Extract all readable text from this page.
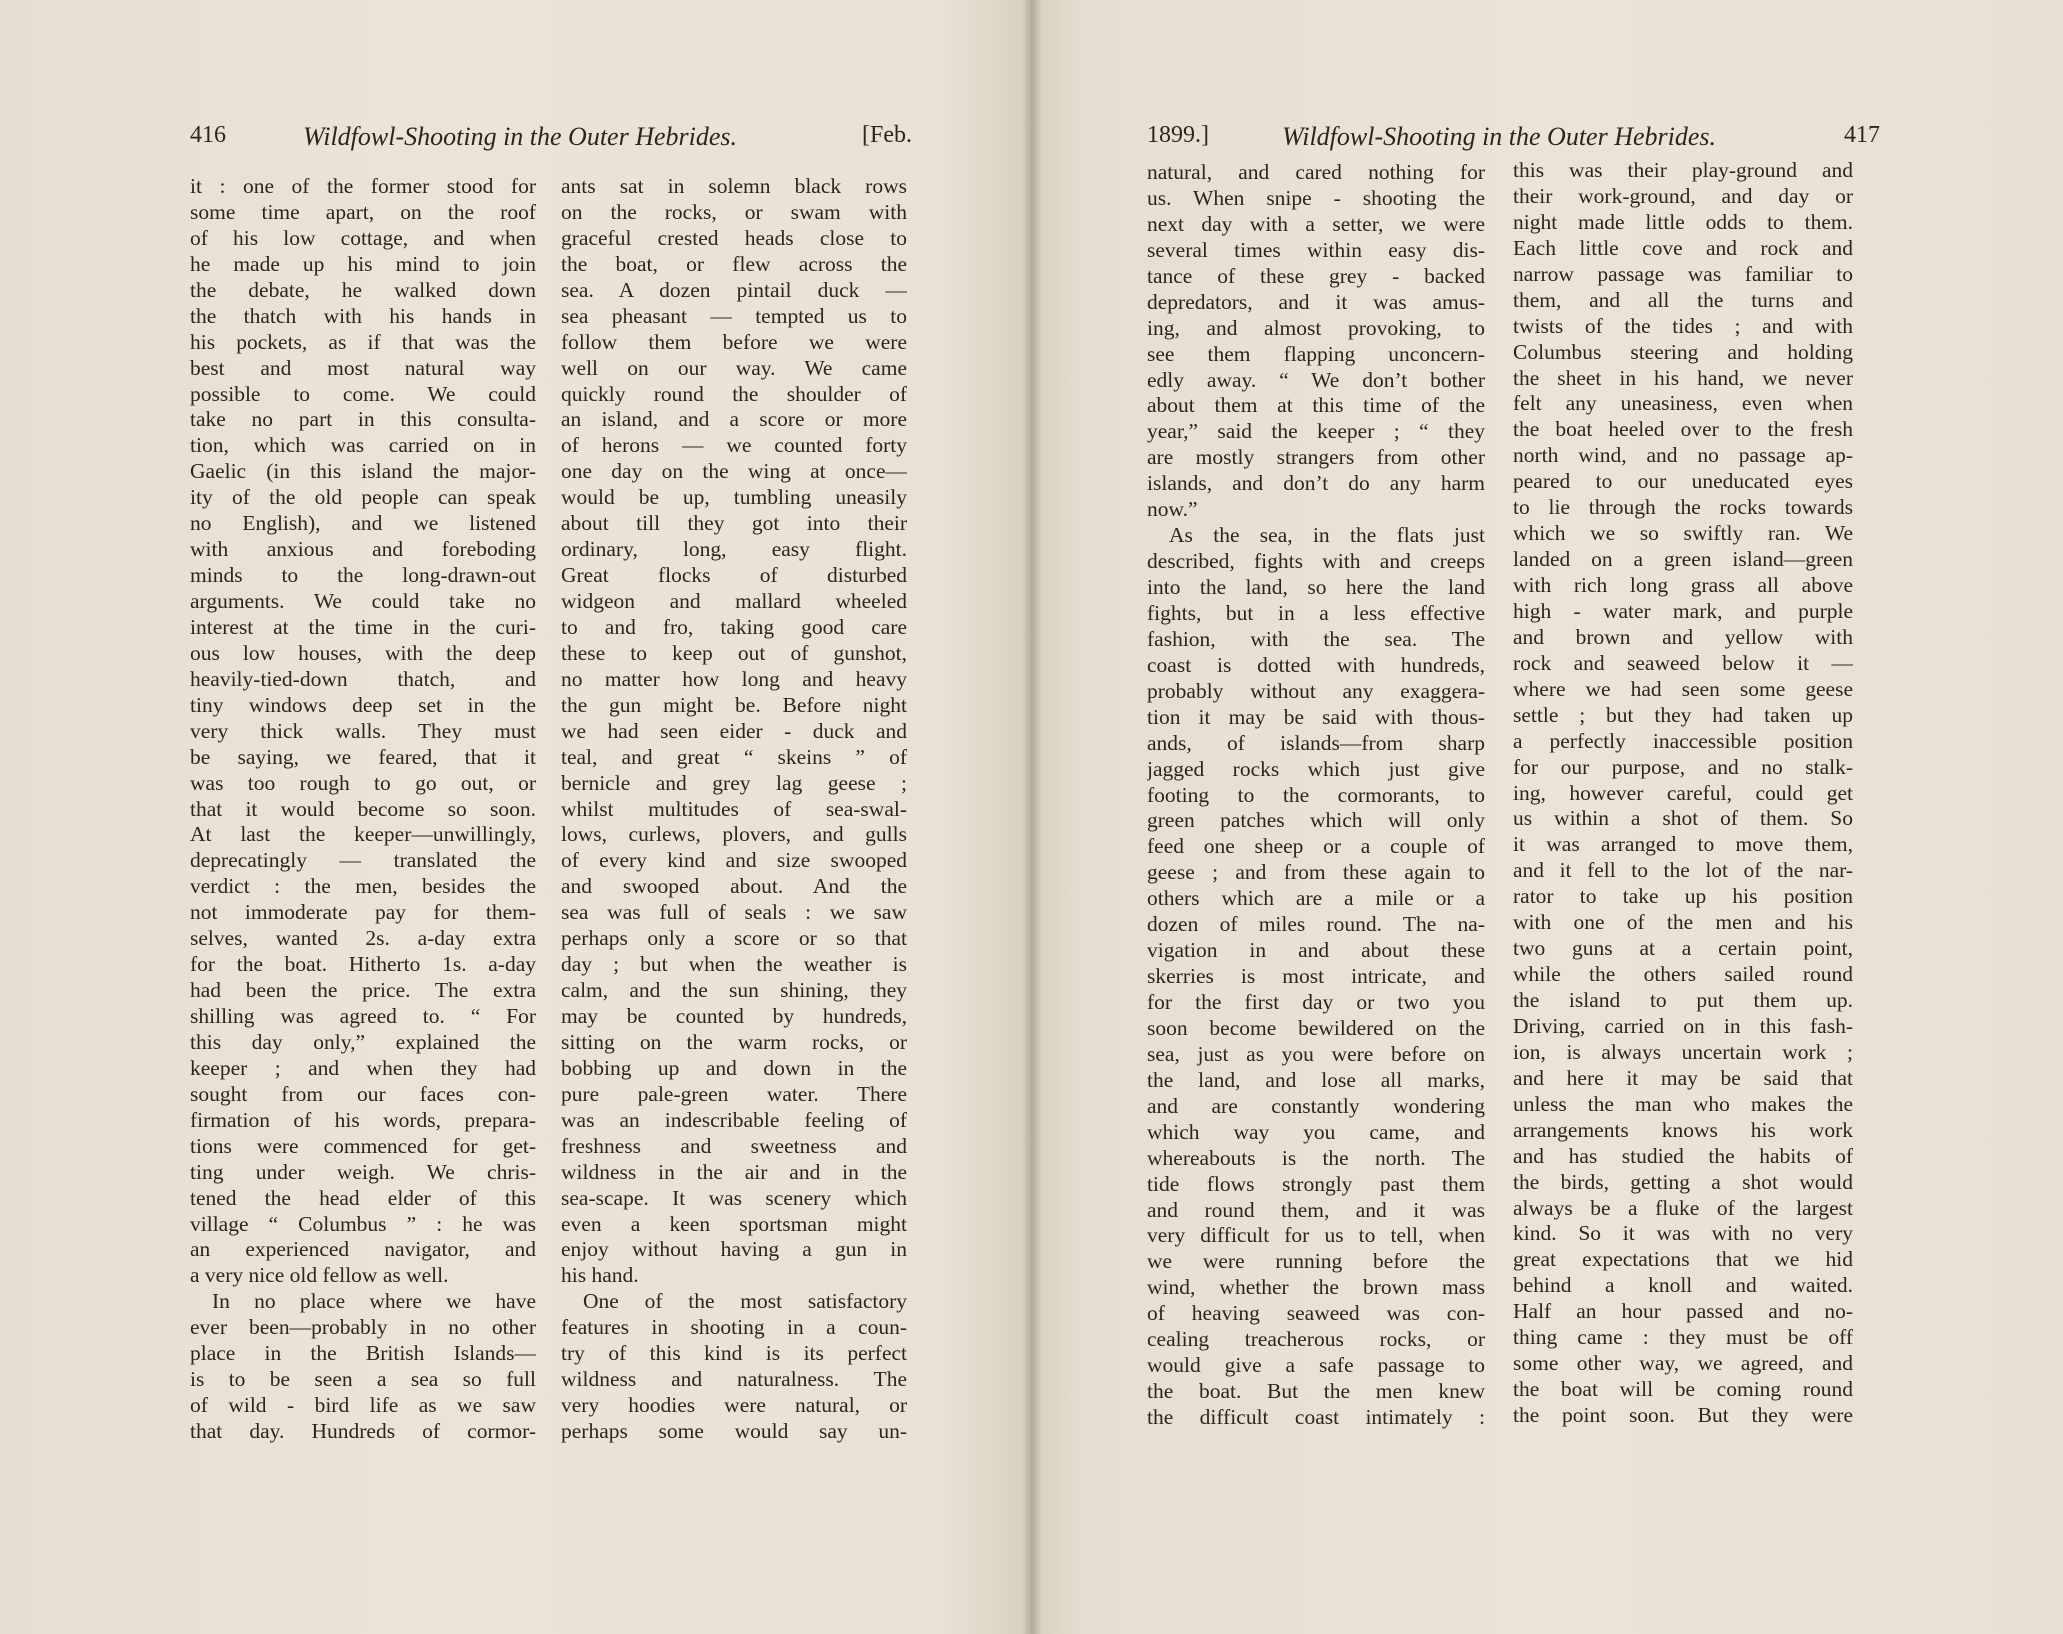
416	Wildfowl-Shooting in the Outer Hebrides.	[Feb.
it : one of the former stood for
some time apart, on the roof
of his low cottage, and when
he made up his mind to join
the debate, he walked down
the thatch with his hands in
his pockets, as if that was the
best and most natural way
possible to come. We could
take no part in this consulta-
tion, which was carried on in
Gaelic (in this island the major-
ity of the old people can speak
no English), and we listened
with anxious and foreboding
minds to the long-drawn-out
arguments. We could take no
interest at the time in the curi-
ous low houses, with the deep
heavily-tied-down thatch, and
tiny windows deep set in the
very thick walls. They must
be saying, we feared, that it
was too rough to go out, or
that it would become so soon.
At last the keeper—unwillingly,
deprecatingly — translated the
verdict : the men, besides the
not immoderate pay for them-
selves, wanted 2s. a-day extra
for the boat. Hitherto 1s. a-day
had been the price. The extra
shilling was agreed to. “ For
this day only,” explained the
keeper ; and when they had
sought from our faces con-
firmation of his words, prepara-
tions were commenced for get-
ting under weigh. We chris-
tened the head elder of this
village “ Columbus ” : he was
an experienced navigator, and
a very nice old fellow as well.
In no place where we have
ever been—probably in no other
place in the British Islands—
is to be seen a sea so full
of wild - bird life as we saw
that day. Hundreds of cormor-
ants sat in solemn black rows
on the rocks, or swam with
graceful crested heads close to
the boat, or flew across the
sea. A dozen pintail duck —
sea pheasant — tempted us to
follow them before we were
well on our way. We came
quickly round the shoulder of
an island, and a score or more
of herons — we counted forty
one day on the wing at once—
would be up, tumbling uneasily
about till they got into their
ordinary, long, easy flight.
Great flocks of disturbed
widgeon and mallard wheeled
to and fro, taking good care
these to keep out of gunshot,
no matter how long and heavy
the gun might be. Before night
we had seen eider - duck and
teal, and great “ skeins ” of
bernicle and grey lag geese ;
whilst multitudes of sea-swal-
lows, curlews, plovers, and gulls
of every kind and size swooped
and swooped about. And the
sea was full of seals : we saw
perhaps only a score or so that
day ; but when the weather is
calm, and the sun shining, they
may be counted by hundreds,
sitting on the warm rocks, or
bobbing up and down in the
pure pale-green water. There
was an indescribable feeling of
freshness and sweetness and
wildness in the air and in the
sea-scape. It was scenery which
even a keen sportsman might
enjoy without having a gun in
his hand.
One of the most satisfactory
features in shooting in a coun-
try of this kind is its perfect
wildness and naturalness. The
very hoodies were natural, or
perhaps some would say un-
1899.]	Wildfowl-Shooting in the Outer Hebrides.	417
natural, and cared nothing for
us. When snipe - shooting the
next day with a setter, we were
several times within easy dis-
tance of these grey - backed
depredators, and it was amus-
ing, and almost provoking, to
see them flapping unconcern-
edly away. “ We don’t bother
about them at this time of the
year,” said the keeper ; “ they
are mostly strangers from other
islands, and don’t do any harm
now.”
As the sea, in the flats just
described, fights with and creeps
into the land, so here the land
fights, but in a less effective
fashion, with the sea. The
coast is dotted with hundreds,
probably without any exaggera-
tion it may be said with thous-
ands, of islands—from sharp
jagged rocks which just give
footing to the cormorants, to
green patches which will only
feed one sheep or a couple of
geese ; and from these again to
others which are a mile or a
dozen of miles round. The na-
vigation in and about these
skerries is most intricate, and
for the first day or two you
soon become bewildered on the
sea, just as you were before on
the land, and lose all marks,
and are constantly wondering
which way you came, and
whereabouts is the north. The
tide flows strongly past them
and round them, and it was
very difficult for us to tell, when
we were running before the
wind, whether the brown mass
of heaving seaweed was con-
cealing treacherous rocks, or
would give a safe passage to
the boat. But the men knew
the difficult coast intimately :
this was their play-ground and
their work-ground, and day or
night made little odds to them.
Each little cove and rock and
narrow passage was familiar to
them, and all the turns and
twists of the tides ; and with
Columbus steering and holding
the sheet in his hand, we never
felt any uneasiness, even when
the boat heeled over to the fresh
north wind, and no passage ap-
peared to our uneducated eyes
to lie through the rocks towards
which we so swiftly ran. We
landed on a green island—green
with rich long grass all above
high - water mark, and purple
and brown and yellow with
rock and seaweed below it —
where we had seen some geese
settle ; but they had taken up
a perfectly inaccessible position
for our purpose, and no stalk-
ing, however careful, could get
us within a shot of them. So
it was arranged to move them,
and it fell to the lot of the nar-
rator to take up his position
with one of the men and his
two guns at a certain point,
while the others sailed round
the island to put them up.
Driving, carried on in this fash-
ion, is always uncertain work ;
and here it may be said that
unless the man who makes the
arrangements knows his work
and has studied the habits of
the birds, getting a shot would
always be a fluke of the largest
kind. So it was with no very
great expectations that we hid
behind a knoll and waited.
Half an hour passed and no-
thing came : they must be off
some other way, we agreed, and
the boat will be coming round
the point soon. But they were
